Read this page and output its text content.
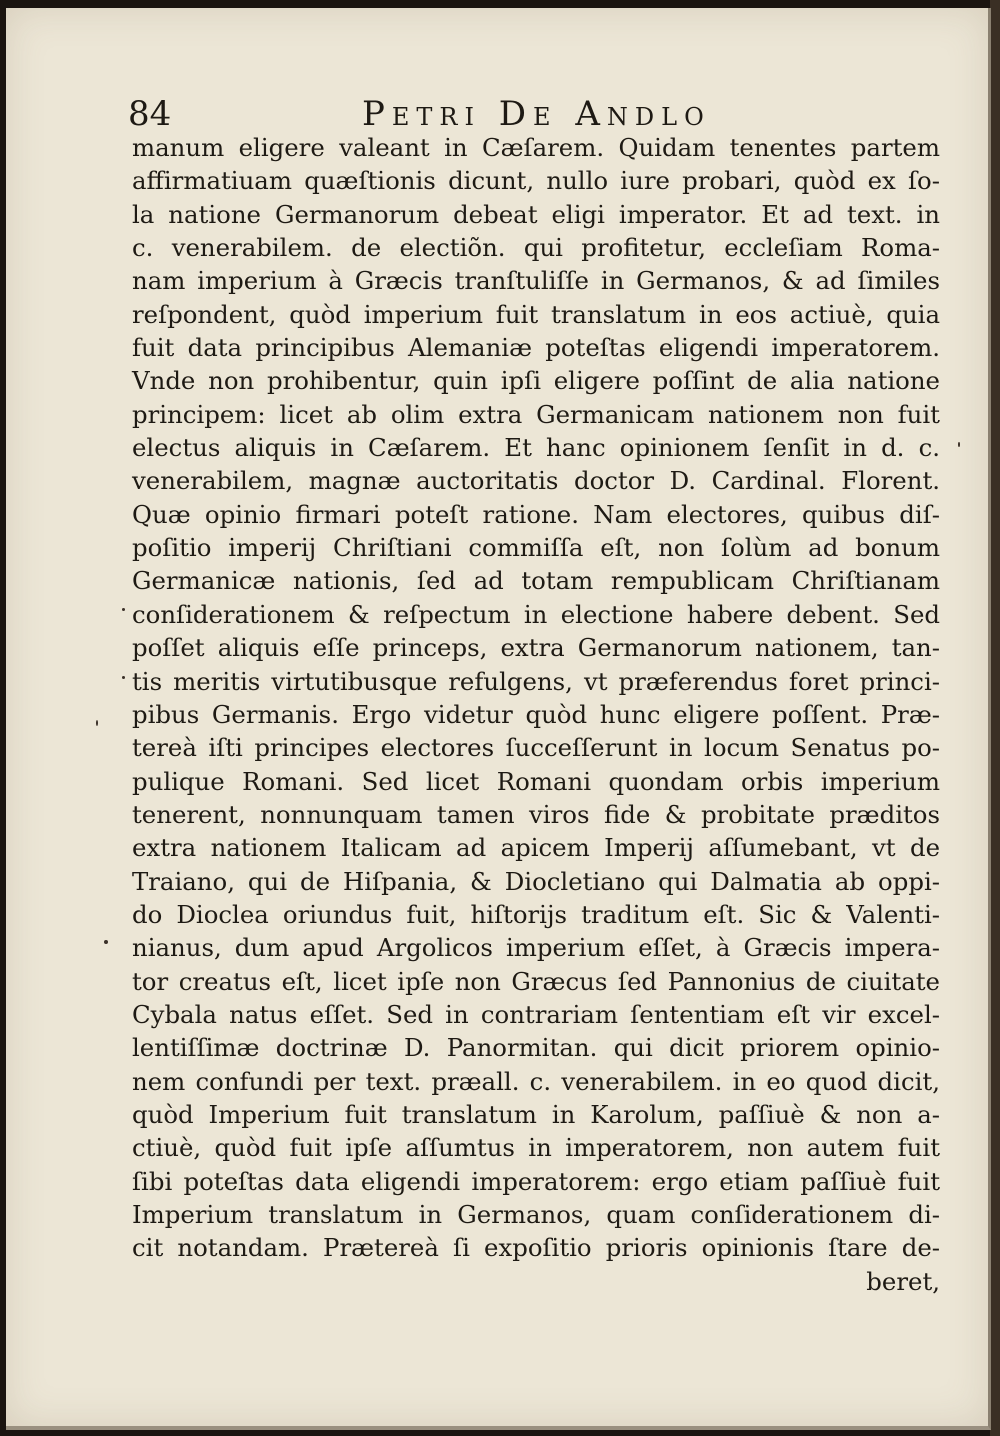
84	Petri De Andlo
manum eligere valeant in Cæſarem. Quidam tenentes partem
affirmatiuam quæſtionis dicunt, nullo iure probari, quòd ex ſo-
la natione Germanorum debeat eligi imperator. Et ad text. in
c. venerabilem. de electiõn. qui profitetur, eccleſiam Roma-
nam imperium à Græcis tranſtuliſſe in Germanos, & ad ſimiles
reſpondent, quòd imperium fuit translatum in eos actiuè, quia
fuit data principibus Alemaniæ poteſtas eligendi imperatorem.
Vnde non prohibentur, quin ipſi eligere poſſint de alia natione
principem: licet ab olim extra Germanicam nationem non fuit
electus aliquis in Cæſarem. Et hanc opinionem ſenſit in d. c.
venerabilem, magnæ auctoritatis doctor D. Cardinal. Florent.
Quæ opinio firmari poteſt ratione. Nam electores, quibus diſ-
poſitio imperij Chriſtiani commiſſa eſt, non ſolùm ad bonum
Germanicæ nationis, ſed ad totam rempublicam Chriſtianam
conſiderationem & reſpectum in electione habere debent. Sed
poſſet aliquis eſſe princeps, extra Germanorum nationem, tan-
tis meritis virtutibusque refulgens, vt præferendus foret princi-
pibus Germanis. Ergo videtur quòd hunc eligere poſſent. Præ-
tereà iſti principes electores ſucceſſerunt in locum Senatus po-
pulique Romani. Sed licet Romani quondam orbis imperium
tenerent, nonnunquam tamen viros fide & probitate præditos
extra nationem Italicam ad apicem Imperij aſſumebant, vt de
Traiano, qui de Hiſpania, & Diocletiano qui Dalmatia ab oppi-
do Dioclea oriundus fuit, hiſtorijs traditum eſt. Sic & Valenti-
nianus, dum apud Argolicos imperium eſſet, à Græcis impera-
tor creatus eſt, licet ipſe non Græcus ſed Pannonius de ciuitate
Cybala natus eſſet. Sed in contrariam ſententiam eſt vir excel-
lentiſſimæ doctrinæ D. Panormitan. qui dicit priorem opinio-
nem confundi per text. præall. c. venerabilem. in eo quod dicit,
quòd Imperium fuit translatum in Karolum, paſſiuè & non a-
ctiuè, quòd fuit ipſe aſſumtus in imperatorem, non autem fuit
ſibi poteſtas data eligendi imperatorem: ergo etiam paſſiuè fuit
Imperium translatum in Germanos, quam conſiderationem di-
cit notandam. Prætereà ſi expoſitio prioris opinionis ſtare de-
beret,
